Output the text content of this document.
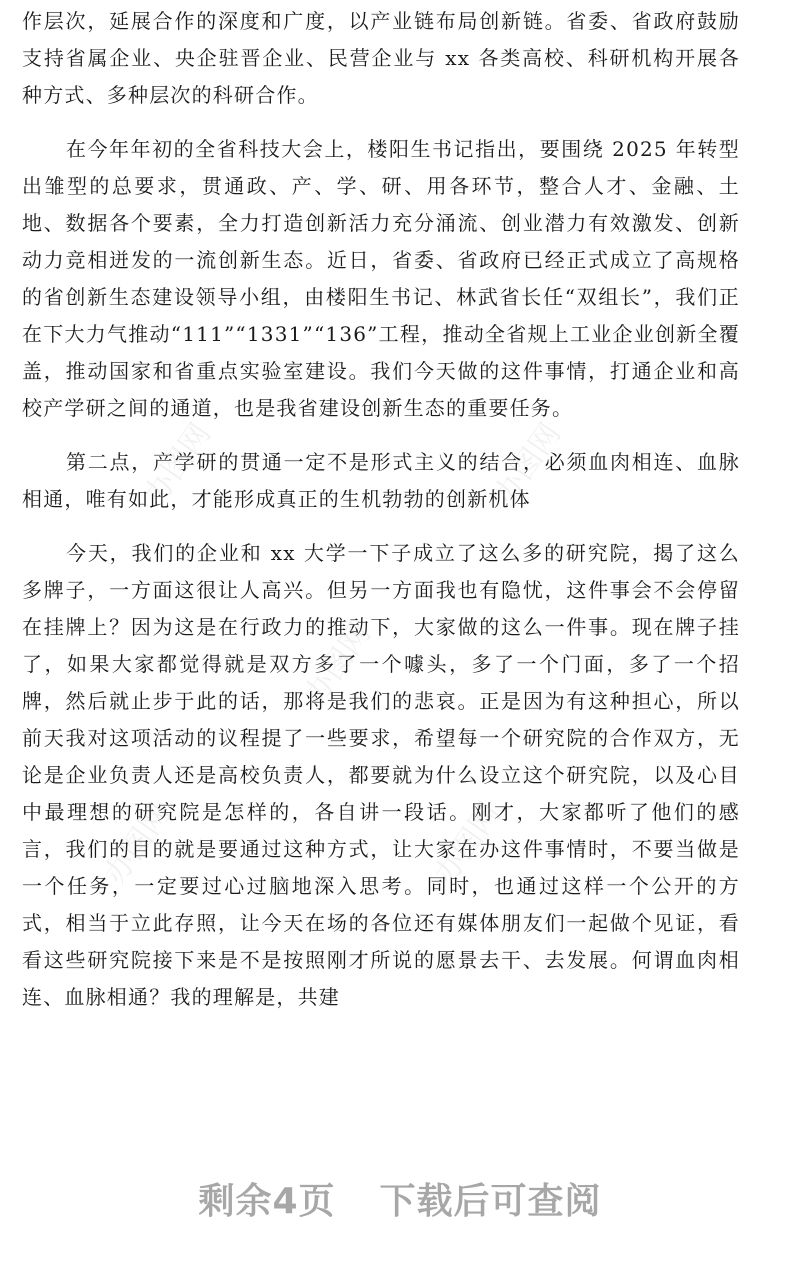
作层次，延展合作的深度和广度，以产业链布局创新链。省委、省政府鼓励支持省属企业、央企驻晋企业、民营企业与 xx 各类高校、科研机构开展各种方式、多种层次的科研合作。

在今年年初的全省科技大会上，楼阳生书记指出，要围绕 2025 年转型出雏型的总要求，贯通政、产、学、研、用各环节，整合人才、金融、土地、数据各个要素，全力打造创新活力充分涌流、创业潜力有效激发、创新动力竞相迸发的一流创新生态。近日，省委、省政府已经正式成立了高规格的省创新生态建设领导小组，由楼阳生书记、林武省长任“双组长”，我们正在下大力气推动“111”“1331”“136”工程，推动全省规上工业企业创新全覆盖，推动国家和省重点实验室建设。我们今天做的这件事情，打通企业和高校产学研之间的通道，也是我省建设创新生态的重要任务。

第二点，产学研的贯通一定不是形式主义的结合，必须血肉相连、血脉相通，唯有如此，才能形成真正的生机勃勃的创新机体

今天，我们的企业和 xx 大学一下子成立了这么多的研究院，揭了这么多牌子，一方面这很让人高兴。但另一方面我也有隐忧，这件事会不会停留在挂牌上？因为这是在行政力的推动下，大家做的这么一件事。现在牌子挂了，如果大家都觉得就是双方多了一个噱头，多了一个门面，多了一个招牌，然后就止步于此的话，那将是我们的悲哀。正是因为有这种担心，所以前天我对这项活动的议程提了一些要求，希望每一个研究院的合作双方，无论是企业负责人还是高校负责人，都要就为什么设立这个研究院，以及心目中最理想的研究院是怎样的，各自讲一段话。刚才，大家都听了他们的感言，我们的目的就是要通过这种方式，让大家在办这件事情时，不要当做是一个任务，一定要过心过脑地深入思考。同时，也通过这样一个公开的方式，相当于立此存照，让今天在场的各位还有媒体朋友们一起做个见证，看看这些研究院接下来是不是按照刚才所说的愿景去干、去发展。何谓血肉相连、血脉相通？我的理解是，共建

办图网	办图网
办图网
办图网	办图网
剩余4页 下载后可查阅
